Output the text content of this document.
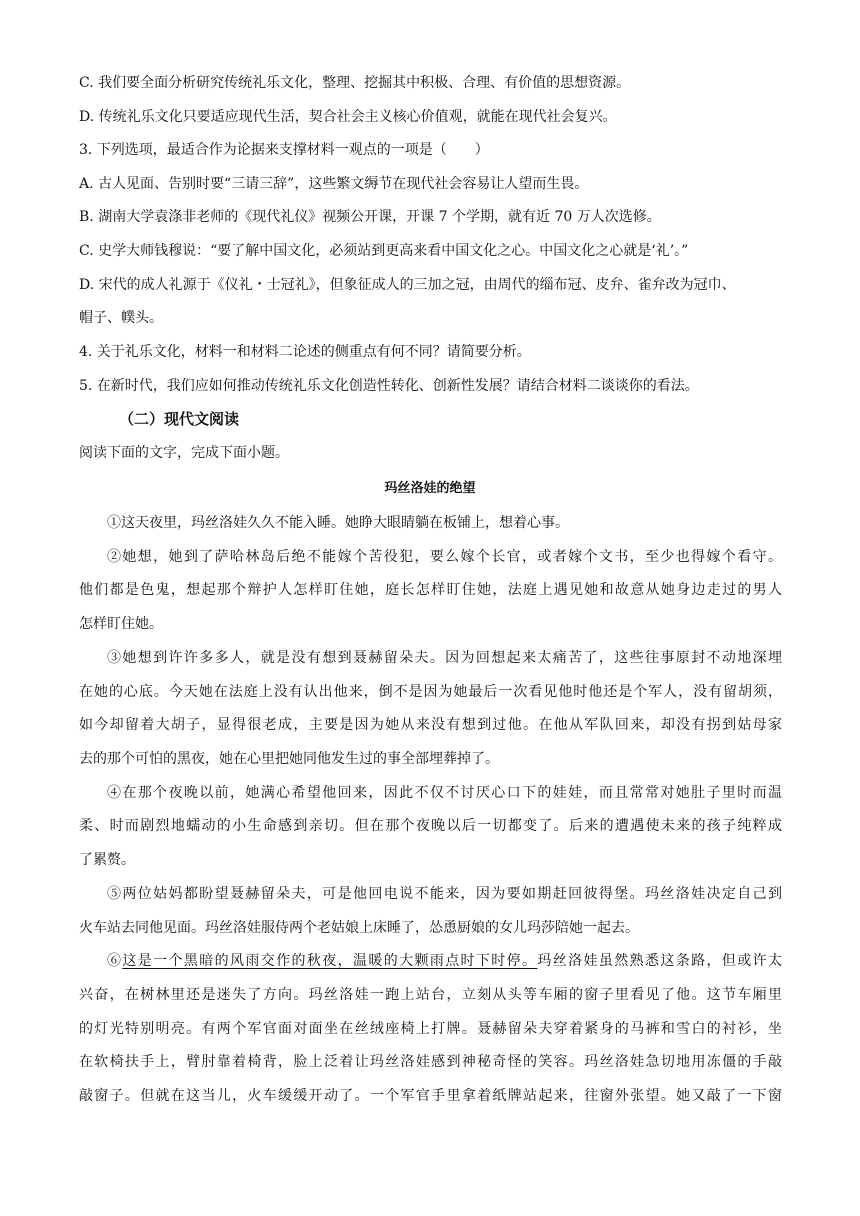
C. 我们要全面分析研究传统礼乐文化，整理、挖掘其中积极、合理、有价值的思想资源。
D. 传统礼乐文化只要适应现代生活，契合社会主义核心价值观，就能在现代社会复兴。
3. 下列选项，最适合作为论据来支撑材料一观点的一项是（　　）
A. 古人见面、告别时要“三请三辞”，这些繁文缛节在现代社会容易让人望而生畏。
B. 湖南大学袁涤非老师的《现代礼仪》视频公开课，开课 7 个学期，就有近 70 万人次选修。
C. 史学大师钱穆说：“要了解中国文化，必须站到更高来看中国文化之心。中国文化之心就是‘礼’。”
D. 宋代的成人礼源于《仪礼・士冠礼》，但象征成人的三加之冠，由周代的缁布冠、皮弁、雀弁改为冠巾、
帽子、幞头。
4. 关于礼乐文化，材料一和材料二论述的侧重点有何不同？请简要分析。
5. 在新时代，我们应如何推动传统礼乐文化创造性转化、创新性发展？请结合材料二谈谈你的看法。
（二）现代文阅读
阅读下面的文字，完成下面小题。
玛丝洛娃的绝望
①这天夜里，玛丝洛娃久久不能入睡。她睁大眼睛躺在板铺上，想着心事。
②她想，她到了萨哈林岛后绝不能嫁个苦役犯，要么嫁个长官，或者嫁个文书，至少也得嫁个看守。
他们都是色鬼，想起那个辩护人怎样盯住她，庭长怎样盯住她，法庭上遇见她和故意从她身边走过的男人
怎样盯住她。
③她想到许许多多人，就是没有想到聂赫留朵夫。因为回想起来太痛苦了，这些往事原封不动地深埋
在她的心底。今天她在法庭上没有认出他来，倒不是因为她最后一次看见他时他还是个军人，没有留胡须，
如今却留着大胡子，显得很老成，主要是因为她从来没有想到过他。在他从军队回来，却没有拐到姑母家
去的那个可怕的黑夜，她在心里把她同他发生过的事全部埋葬掉了。
④在那个夜晚以前，她满心希望他回来，因此不仅不讨厌心口下的娃娃，而且常常对她肚子里时而温
柔、时而剧烈地蠕动的小生命感到亲切。但在那个夜晚以后一切都变了。后来的遭遇使未来的孩子纯粹成
了累赘。
⑤两位姑妈都盼望聂赫留朵夫，可是他回电说不能来，因为要如期赶回彼得堡。玛丝洛娃决定自己到
火车站去同他见面。玛丝洛娃服侍两个老姑娘上床睡了，怂恿厨娘的女儿玛莎陪她一起去。
⑥这是一个黑暗的风雨交作的秋夜，温暖的大颗雨点时下时停。玛丝洛娃虽然熟悉这条路，但或许太
兴奋，在树林里还是迷失了方向。玛丝洛娃一跑上站台，立刻从头等车厢的窗子里看见了他。这节车厢里
的灯光特别明亮。有两个军官面对面坐在丝绒座椅上打牌。聂赫留朵夫穿着紧身的马裤和雪白的衬衫，坐
在软椅扶手上，臂肘靠着椅背，脸上泛着让玛丝洛娃感到神秘奇怪的笑容。玛丝洛娃急切地用冻僵的手敲
敲窗子。但就在这当儿，火车缓缓开动了。一个军官手里拿着纸牌站起来，往窗外张望。她又敲了一下窗
